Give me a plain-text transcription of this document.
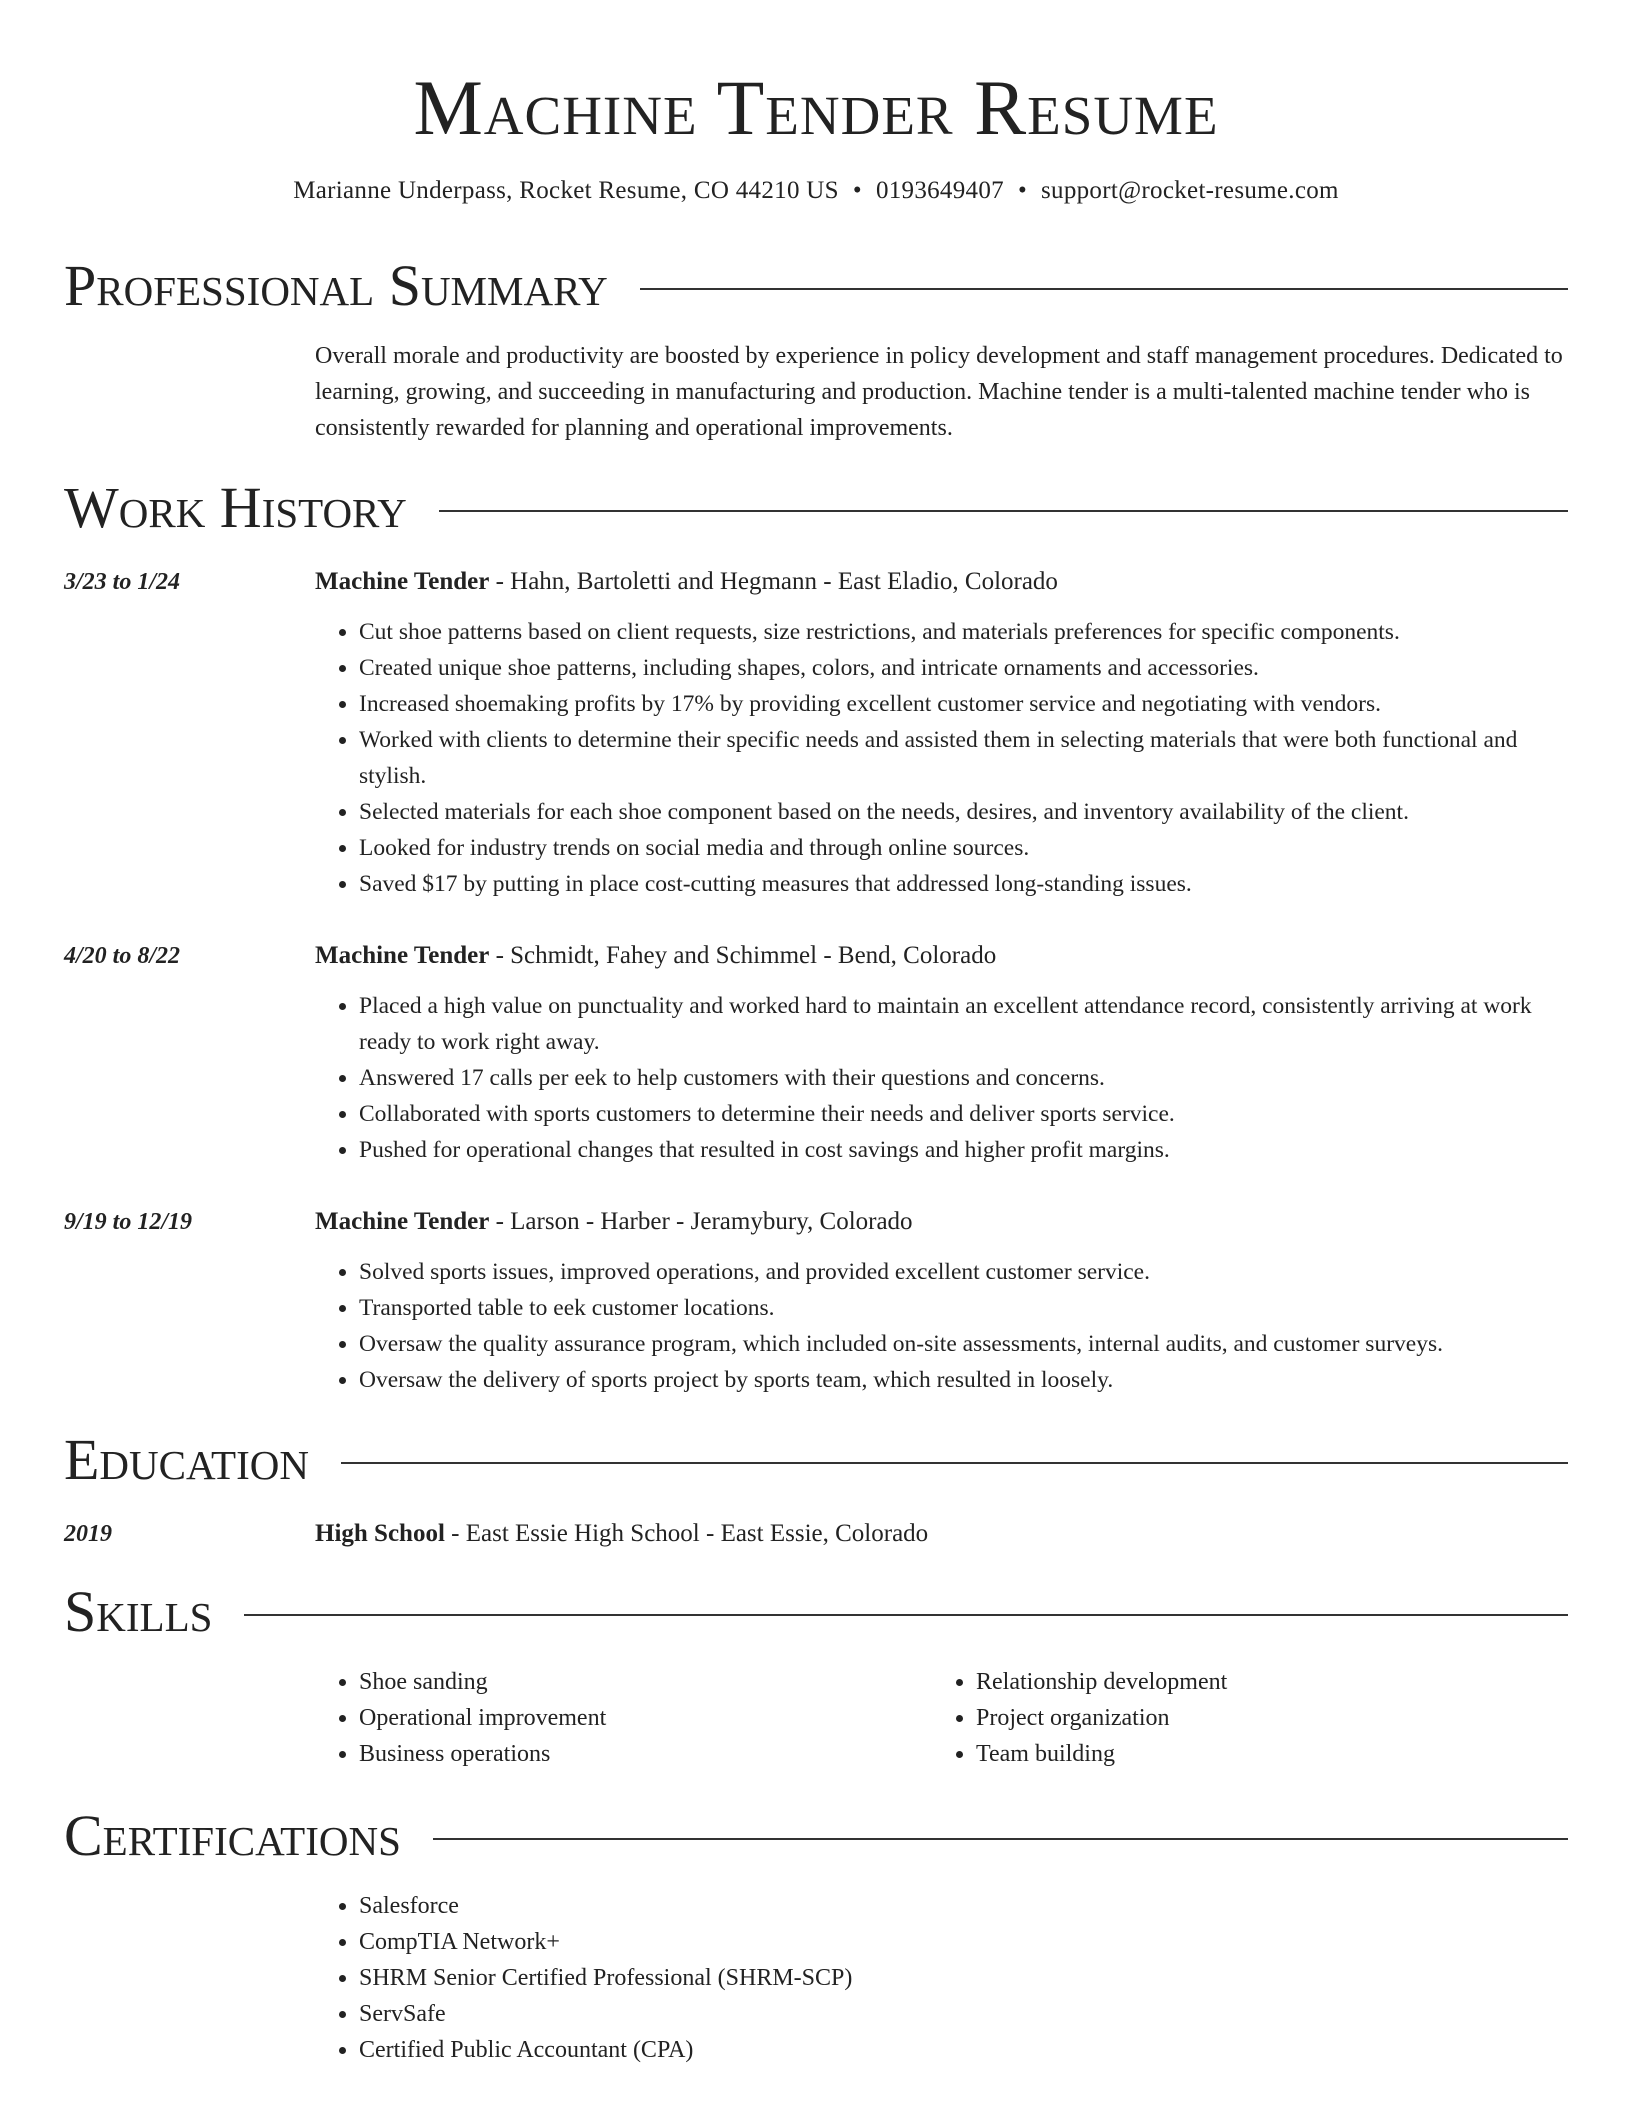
Machine Tender Resume
Marianne Underpass, Rocket Resume, CO 44210 US • 0193649407 • support@rocket-resume.com
Professional Summary

Overall morale and productivity are boosted by experience in policy development and staff management procedures. Dedicated to learning, growing, and succeeding in manufacturing and production. Machine tender is a multi-talented machine tender who is consistently rewarded for planning and operational improvements.

Work History
3/23 to 1/24	Machine Tender - Hahn, Bartoletti and Hegmann - East Eladio, Colorado
• Cut shoe patterns based on client requests, size restrictions, and materials preferences for specific components.
• Created unique shoe patterns, including shapes, colors, and intricate ornaments and accessories.
• Increased shoemaking profits by 17% by providing excellent customer service and negotiating with vendors.
• Worked with clients to determine their specific needs and assisted them in selecting materials that were both functional and stylish.
• Selected materials for each shoe component based on the needs, desires, and inventory availability of the client.
• Looked for industry trends on social media and through online sources.
• Saved $17 by putting in place cost-cutting measures that addressed long-standing issues.
4/20 to 8/22	Machine Tender - Schmidt, Fahey and Schimmel - Bend, Colorado
• Placed a high value on punctuality and worked hard to maintain an excellent attendance record, consistently arriving at work ready to work right away.
• Answered 17 calls per eek to help customers with their questions and concerns.
• Collaborated with sports customers to determine their needs and deliver sports service.
• Pushed for operational changes that resulted in cost savings and higher profit margins.
9/19 to 12/19	Machine Tender - Larson - Harber - Jeramybury, Colorado
• Solved sports issues, improved operations, and provided excellent customer service.
• Transported table to eek customer locations.
• Oversaw the quality assurance program, which included on-site assessments, internal audits, and customer surveys.
• Oversaw the delivery of sports project by sports team, which resulted in loosely.
Education
2019	High School - East Essie High School - East Essie, Colorado
Skills
• Shoe sanding
• Operational improvement
• Business operations
• Relationship development
• Project organization
• Team building
Certifications
• Salesforce
• CompTIA Network+
• SHRM Senior Certified Professional (SHRM-SCP)
• ServSafe
• Certified Public Accountant (CPA)
